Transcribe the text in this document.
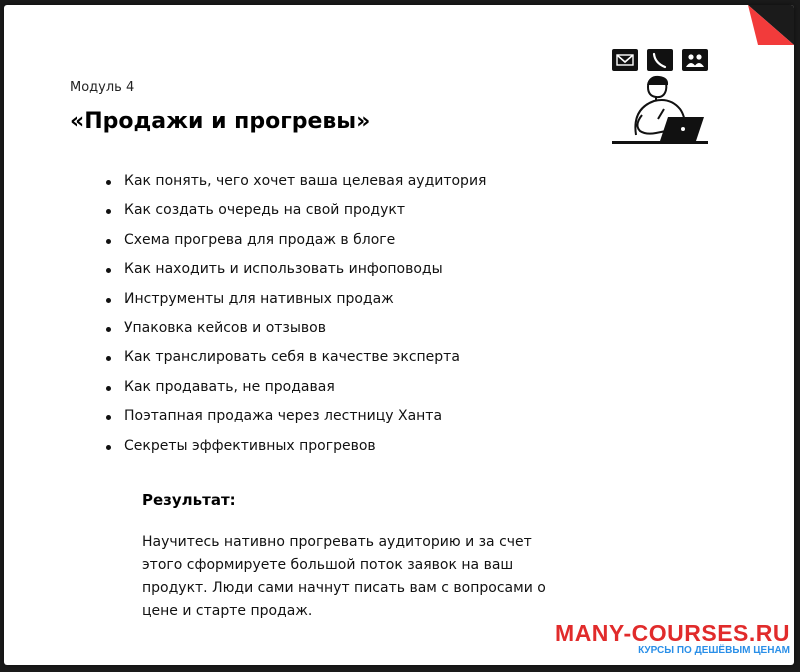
Модуль 4
«Продажи и прогревы»
Как понять, чего хочет ваша целевая аудитория
Как создать очередь на свой продукт
Схема прогрева для продаж в блоге
Как находить и использовать инфоповоды
Инструменты для нативных продаж
Упаковка кейсов и отзывов
Как транслировать себя в качестве эксперта
Как продавать, не продавая
Поэтапная продажа через лестницу Ханта
Секреты эффективных прогревов
Результат:

Научитесь нативно прогревать аудиторию и за счет этого сформируете большой поток заявок на ваш продукт. Люди сами начнут писать вам с вопросами о цене и старте продаж.

MANY-COURSES.RU
КУРСЫ ПО ДЕШЁВЫМ ЦЕНАМ
